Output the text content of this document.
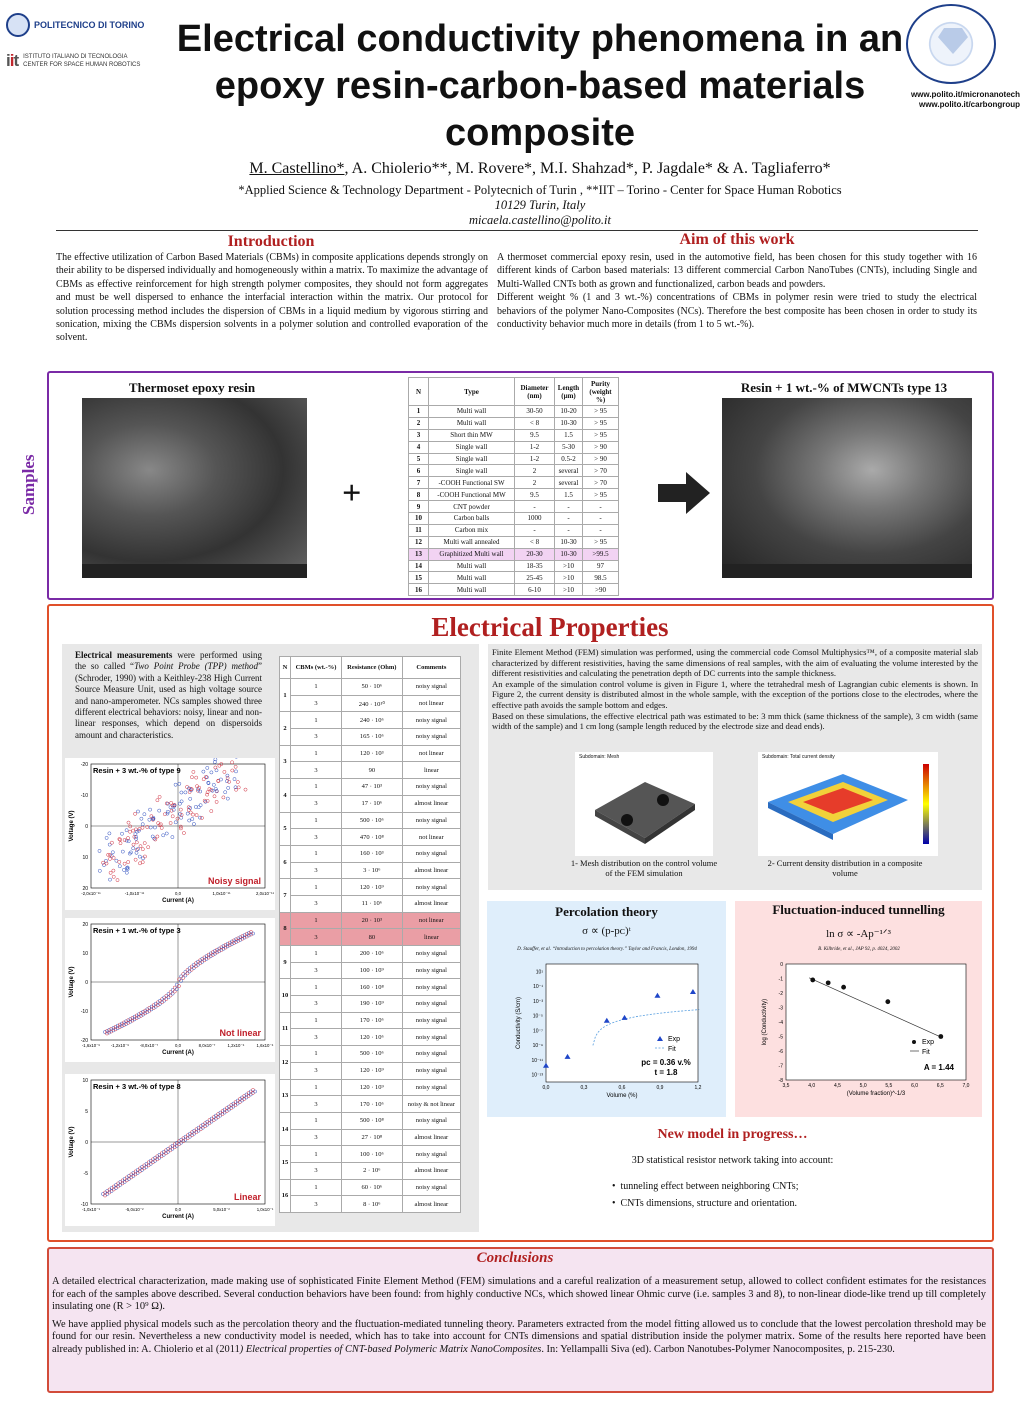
POLITECNICO DI TORINO
iit ISTITUTO ITALIANO DI TECNOLOGIA
CENTER FOR SPACE HUMAN ROBOTICS
Electrical conductivity phenomena in an epoxy resin-carbon-based materials composite
www.polito.it/micronanotech
www.polito.it/carbongroup
M. Castellino*, A. Chiolerio**, M. Rovere*, M.I. Shahzad*, P. Jagdale* & A. Tagliaferro*
*Applied Science & Technology Department - Polytecnich of Turin , **IIT – Torino - Center for Space Human Robotics
10129 Turin, Italy
micaela.castellino@polito.it
Introduction
The effective utilization of Carbon Based Materials (CBMs) in composite applications depends strongly on their ability to be dispersed individually and homogeneously within a matrix. To maximize the advantage of CBMs as effective reinforcement for high strength polymer composites, they should not form aggregates and must be well dispersed to enhance the interfacial interaction within the matrix. Our protocol for solution processing method includes the dispersion of CBMs in a liquid medium by vigorous stirring and sonication, mixing the CBMs dispersion solvents in a polymer solution and controlled evaporation of the solvent.
Aim of this work
A thermoset commercial epoxy resin, used in the automotive field, has been chosen for this study together with 16 different kinds of Carbon based materials: 13 different commercial Carbon NanoTubes (CNTs), including Single and Multi-Walled CNTs both as grown and functionalized, carbon beads and powders.
Different weight % (1 and 3 wt.-%) concentrations of CBMs in polymer resin were tried to study the electrical behaviors of the polymer Nano-Composites (NCs). Therefore the best composite has been chosen in order to study its conductivity behavior much more in details (from 1 to 5 wt.-%).
Samples
Thermoset epoxy resin
+
N	Type	Diameter (nm)	Length (µm)	Purity (weight %)
1	Multi wall	30-50	10-20	> 95
2	Multi wall	< 8	10-30	> 95
3	Short thin MW	9.5	1.5	> 95
4	Single wall	1-2	5-30	> 90
5	Single wall	1-2	0.5-2	> 90
6	Single wall	2	several	> 70
7	-COOH Functional SW	2	several	> 70
8	-COOH Functional MW	9.5	1.5	> 95
9	CNT powder	-	-	-
10	Carbon balls	1000	-	-
11	Carbon mix	-	-	-
12	Multi wall annealed	< 8	10-30	> 95
13	Graphitized Multi wall	20-30	10-30	>99.5
14	Multi wall	18-35	>10	97
15	Multi wall	25-45	>10	98.5
16	Multi wall	6-10	>10	>90
Resin + 1 wt.-% of MWCNTs type 13
Electrical Properties
Electrical measurements were performed using the so called “Two Point Probe (TPP) method” (Schroder, 1990) with a Keithley-238 High Current Source Measure Unit, used as high voltage source and nano-amperometer. NCs samples showed three different electrical behaviors: noisy, linear and non-linear responses, which depend on dispersoids amount and characteristics.
-20
-10
0
10
20
-2,0x10⁻¹¹	-1,0x10⁻¹¹	0,0	1,0x10⁻¹¹	2,0x10⁻¹¹
Current (A)
Voltage (V)
Resin + 3 wt.-% of type 9
Noisy signal
20
10
0
-10
-20
-1,6x10⁻⁶ -1,2x10⁻⁶ -8,0x10⁻⁷	0,0	8,0x10⁻⁷	1,2x10⁻⁶	1,6x10⁻⁶
Current (A)
Voltage (V)
Resin + 1 wt.-% of type 3
Not linear
10
5
0
-5
-10
-1,0x10⁻¹	-5,0x10⁻²	0,0	5,0x10⁻²	1,0x10⁻¹
Current (A)
Voltage (V)
Resin + 3 wt.-% of type 8
Linear
N	CBMs (wt.-%)	Resistance (Ohm)	Comments
1	1	50 · 10⁶	noisy signal
	3	240 · 10¹⁰	not linear
2	1	240 · 10⁶	noisy signal
	3	165 · 10⁶	noisy signal
3	1	120 · 10³	not linear
	3	90	linear
4	1	47 · 10³	noisy signal
	3	17 · 10⁶	almost linear
5	1	500 · 10⁶	noisy signal
	3	470 · 10⁸	not linear
6	1	160 · 10³	noisy signal
	3	3 · 10⁶	almost linear
7	1	120 · 10⁹	noisy signal
	3	11 · 10⁶	almost linear
8	1	20 · 10³	not linear
	3	80	linear
9	1	200 · 10⁶	noisy signal
	3	100 · 10⁹	noisy signal
10	1	160 · 10⁸	noisy signal
	3	190 · 10⁹	noisy signal
11	1	170 · 10⁶	noisy signal
	3	120 · 10⁶	noisy signal
12	1	500 · 10⁶	noisy signal
	3	120 · 10⁹	noisy signal
13	1	120 · 10⁹	noisy signal
	3	170 · 10⁶	noisy & not linear
14	1	500 · 10⁸	noisy signal
	3	27 · 10⁸	almost linear
15	1	100 · 10⁶	noisy signal
	3	2 · 10⁶	almost linear
16	1	60 · 10⁶	noisy signal
	3	8 · 10⁶	almost linear
Finite Element Method (FEM) simulation was performed, using the commercial code Comsol Multiphysics™, of a composite material slab characterized by different resistivities, having the same dimensions of real samples, with the aim of evaluating the volume interested by the different resistivities and calculating the penetration depth of DC currents into the sample thickness.
An example of the simulation control volume is given in Figure 1, where the tetrahedral mesh of Lagrangian cubic elements is shown. In Figure 2, the current density is distributed almost in the whole sample, with the exception of the portions close to the electrodes, where the effective path avoids the sample bottom and edges.
Based on these simulations, the effective electrical path was estimated to be: 3 mm thick (same thickness of the sample), 3 cm width (same width of the sample) and 1 cm long (sample length reduced by the electrode size and dead ends).
Subdomain: Mesh	Subdomain: Total current density
1- Mesh distribution on the control volume of the FEM simulation
2- Current density distribution in a composite volume
Percolation theory
σ ∝ (p-pᴄ)ᵗ
D. Stauffer, et al. “Introduction to percolation theory.” Taylor and Francis, London, 1994
0,0	0,3	0,6	0,9	1,2
10¹
10⁻¹
10⁻³
10⁻⁵
10⁻⁷
10⁻⁹
10⁻¹¹
10⁻¹³
Volume (%)
Conductivity (S/cm)	Exp
Fit
pᴄ = 0.36 v.%
t = 1.8
Fluctuation-induced tunnelling
ln σ ∝ -Ap⁻¹ᐟ³
B. Kilbride, et al., JAP 92, p. 4024, 2002
3,5	4,0	4,5	5,0	5,5	6,0	6,5	7,0
0
-1
-2
-3
-4
-5
-6
-7
-8
(Volume fraction)^-1/3
log (Conductivity)	Exp
Fit
A = 1.44
New model in progress…
3D statistical resistor network taking into account:
•  tunneling effect between neighboring CNTs;
•  CNTs dimensions, structure and orientation.
Conclusions
A detailed electrical characterization, made making use of sophisticated Finite Element Method (FEM) simulations and a careful realization of a measurement setup, allowed to collect confident estimates for the resistances for each of the samples above described. Several conduction behaviors have been found: from highly conductive NCs, which showed linear Ohmic curve (i.e. samples 3 and 8), to non-linear diode-like trend up till completely insulating one (R > 10⁹ Ω).
We have applied physical models such as the percolation theory and the fluctuation-mediated tunneling theory. Parameters extracted from the model fitting allowed us to conclude that the lowest percolation threshold may be found for our resin. Nevertheless a new conductivity model is needed, which has to take into account for CNTs dimensions and spatial distribution inside the polymer matrix. Some of the results here reported have been already published in: A. Chiolerio et al (2011) Electrical properties of CNT-based Polymeric Matrix NanoComposites. In: Yellampalli Siva (ed). Carbon Nanotubes-Polymer Nanocomposites, p. 215-230.
